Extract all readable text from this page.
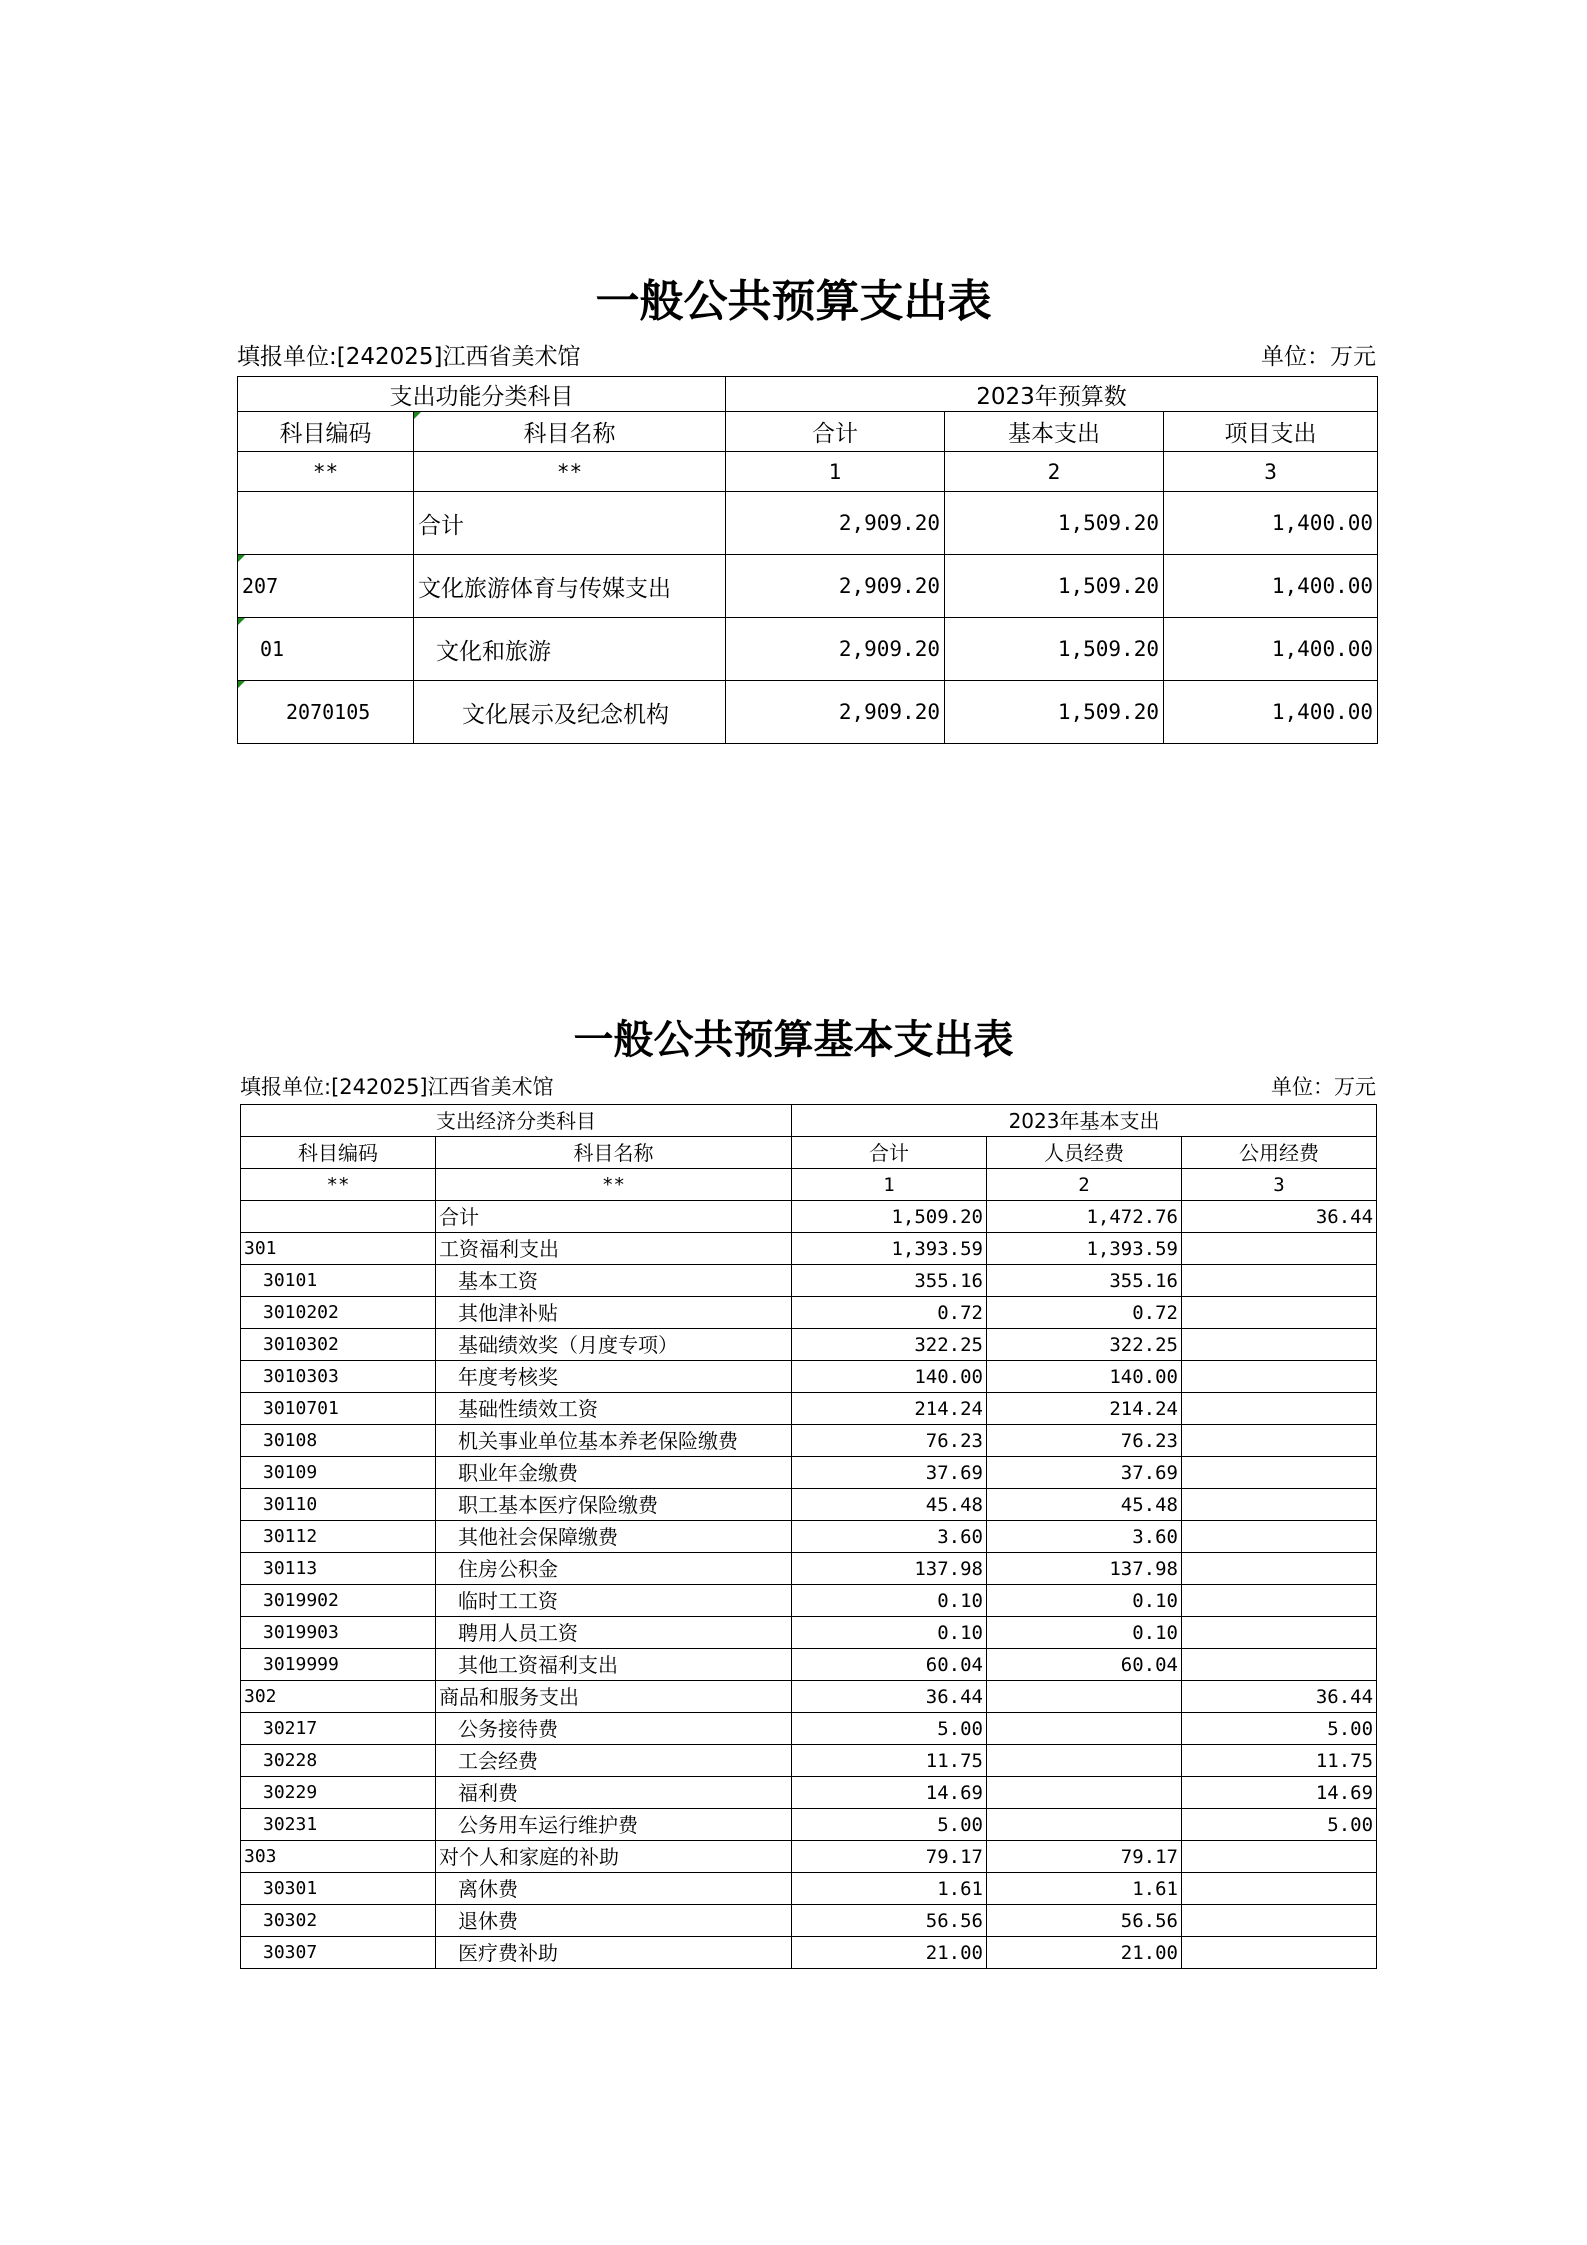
一般公共预算支出表
填报单位:[242025]江西省美术馆	单位：万元
支出功能分类科目		2023年预算数		
科目编码	科目名称	合计	基本支出	项目支出
**	**	1	2	3
	合计	2,909.20	1,509.20	1,400.00
207	文化旅游体育与传媒支出	2,909.20	1,509.20	1,400.00
01	文化和旅游	2,909.20	1,509.20	1,400.00
2070105	文化展示及纪念机构	2,909.20	1,509.20	1,400.00
一般公共预算基本支出表
填报单位:[242025]江西省美术馆	单位：万元
支出经济分类科目		2023年基本支出		
科目编码	科目名称	合计	人员经费	公用经费
**	**	1	2	3
	合计	1,509.20	1,472.76	36.44
301	工资福利支出	1,393.59	1,393.59	
30101	基本工资	355.16	355.16	
3010202	其他津补贴	0.72	0.72	
3010302	基础绩效奖（月度专项）	322.25	322.25	
3010303	年度考核奖	140.00	140.00	
3010701	基础性绩效工资	214.24	214.24	
30108	机关事业单位基本养老保险缴费	76.23	76.23	
30109	职业年金缴费	37.69	37.69	
30110	职工基本医疗保险缴费	45.48	45.48	
30112	其他社会保障缴费	3.60	3.60	
30113	住房公积金	137.98	137.98	
3019902	临时工工资	0.10	0.10	
3019903	聘用人员工资	0.10	0.10	
3019999	其他工资福利支出	60.04	60.04	
302	商品和服务支出	36.44		36.44
30217	公务接待费	5.00		5.00
30228	工会经费	11.75		11.75
30229	福利费	14.69		14.69
30231	公务用车运行维护费	5.00		5.00
303	对个人和家庭的补助	79.17	79.17	
30301	离休费	1.61	1.61	
30302	退休费	56.56	56.56	
30307	医疗费补助	21.00	21.00	
